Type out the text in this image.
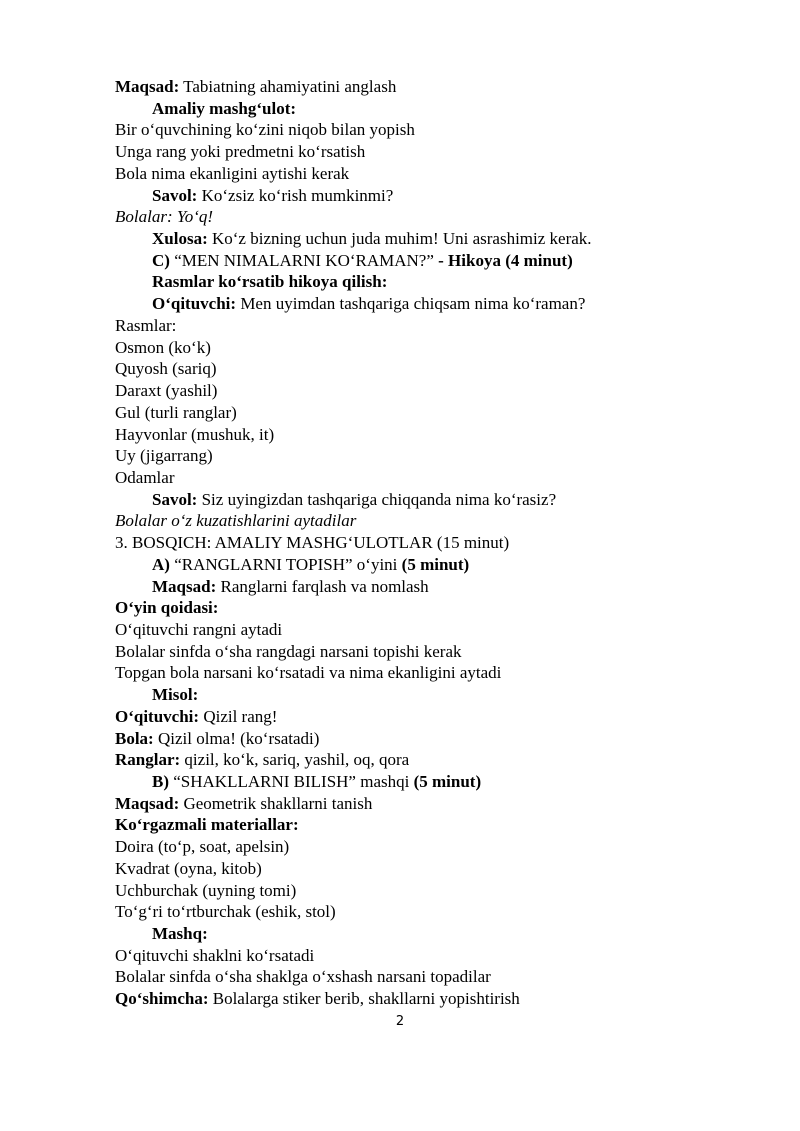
Maqsad: Tabiatning ahamiyatini anglash
Amaliy mashg‘ulot:
Bir o‘quvchining ko‘zini niqob bilan yopish
Unga rang yoki predmetni ko‘rsatish
Bola nima ekanligini aytishi kerak
Savol: Ko‘zsiz ko‘rish mumkinmi?
Bolalar: Yo‘q!
Xulosa: Ko‘z bizning uchun juda muhim! Uni asrashimiz kerak.
C) “MEN NIMALARNI KO‘RAMAN?” - Hikoya (4 minut)
Rasmlar ko‘rsatib hikoya qilish:
O‘qituvchi: Men uyimdan tashqariga chiqsam nima ko‘raman?
Rasmlar:
Osmon (ko‘k)
Quyosh (sariq)
Daraxt (yashil)
Gul (turli ranglar)
Hayvonlar (mushuk, it)
Uy (jigarrang)
Odamlar
Savol: Siz uyingizdan tashqariga chiqqanda nima ko‘rasiz?
Bolalar o‘z kuzatishlarini aytadilar
3. BOSQICH: AMALIY MASHG‘ULOTLAR (15 minut)
A) “RANGLARNI TOPISH” o‘yini (5 minut)
Maqsad: Ranglarni farqlash va nomlash
O‘yin qoidasi:
O‘qituvchi rangni aytadi
Bolalar sinfda o‘sha rangdagi narsani topishi kerak
Topgan bola narsani ko‘rsatadi va nima ekanligini aytadi
Misol:
O‘qituvchi: Qizil rang!
Bola: Qizil olma! (ko‘rsatadi)
Ranglar: qizil, ko‘k, sariq, yashil, oq, qora
B) “SHAKLLARNI BILISH” mashqi (5 minut)
Maqsad: Geometrik shakllarni tanish
Ko‘rgazmali materiallar:
Doira (to‘p, soat, apelsin)
Kvadrat (oyna, kitob)
Uchburchak (uyning tomi)
To‘g‘ri to‘rtburchak (eshik, stol)
Mashq:
O‘qituvchi shaklni ko‘rsatadi
Bolalar sinfda o‘sha shaklga o‘xshash narsani topadilar
Qo‘shimcha: Bolalarga stiker berib, shakllarni yopishtirish
2
